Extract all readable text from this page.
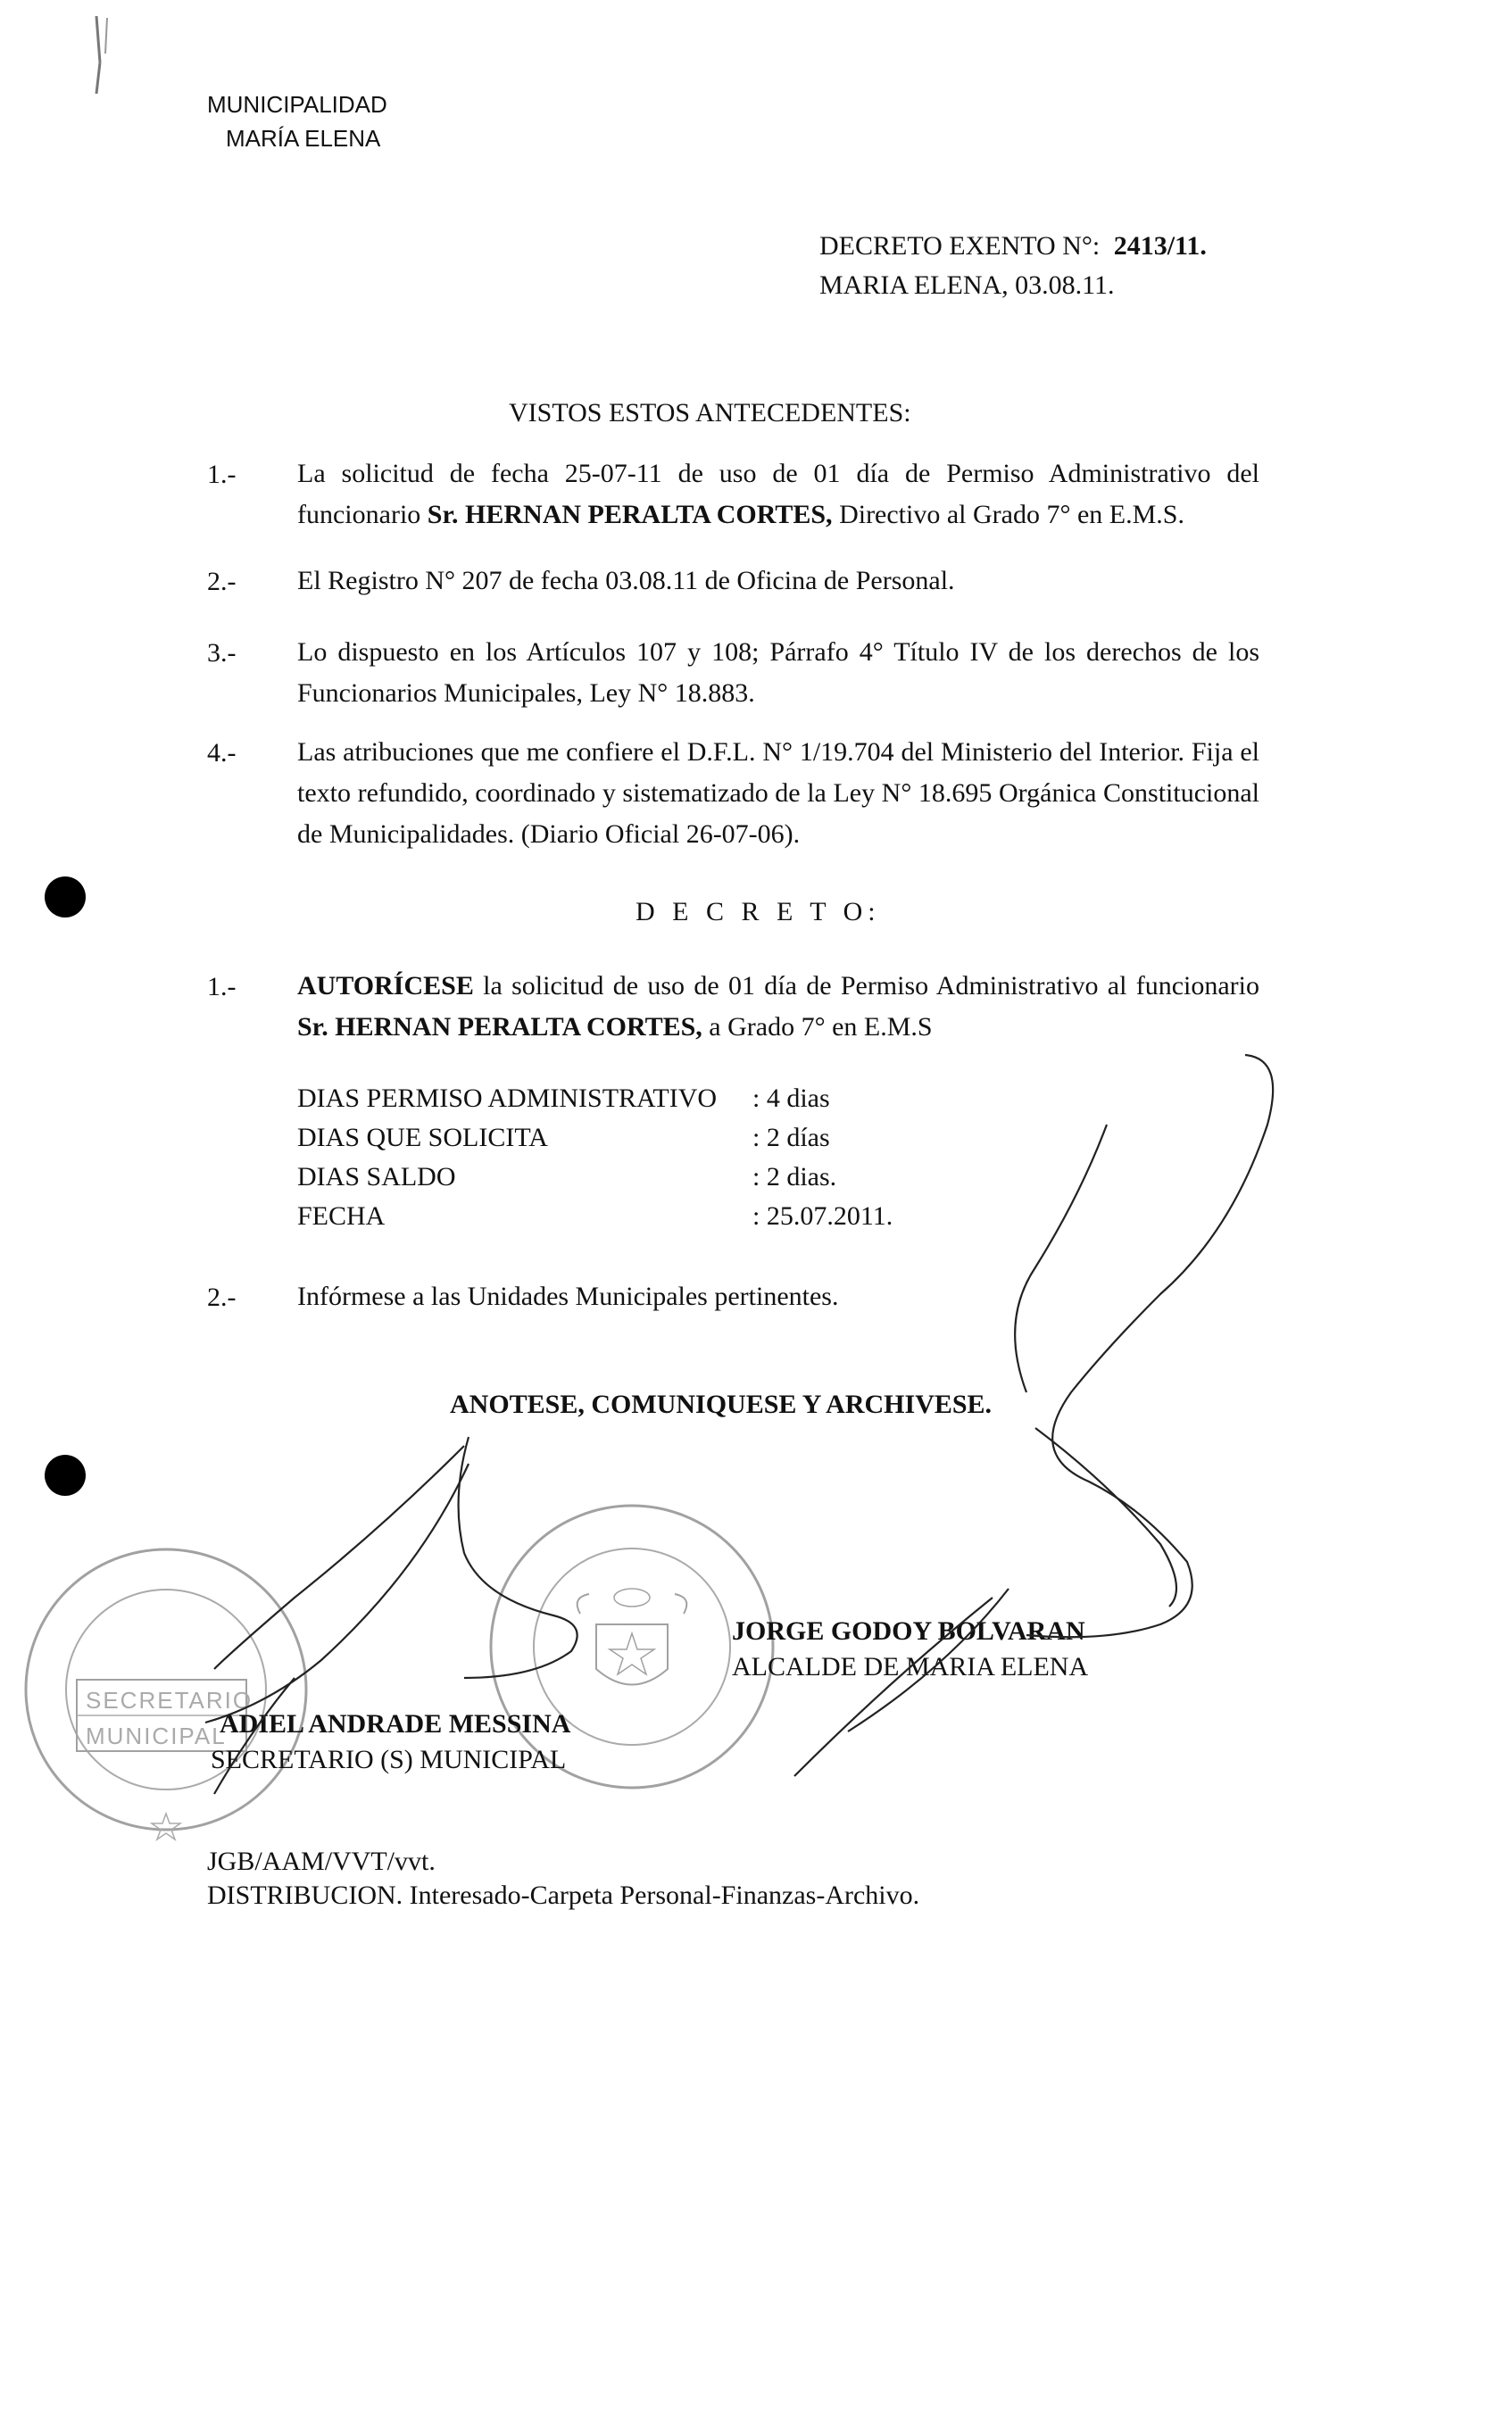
MUNICIPALIDAD
MARÍA ELENA
DECRETO EXENTO N°: 2413/11.
MARIA ELENA, 03.08.11.
VISTOS ESTOS ANTECEDENTES:
1.- La solicitud de fecha 25-07-11 de uso de 01 día de Permiso Administrativo del funcionario Sr. HERNAN PERALTA CORTES, Directivo al Grado 7° en E.M.S.
2.- El Registro N° 207 de fecha 03.08.11 de Oficina de Personal.
3.- Lo dispuesto en los Artículos 107 y 108; Párrafo 4° Título IV de los derechos de los Funcionarios Municipales, Ley N° 18.883.
4.- Las atribuciones que me confiere el D.F.L. N° 1/19.704 del Ministerio del Interior. Fija el texto refundido, coordinado y sistematizado de la Ley N° 18.695 Orgánica Constitucional de Municipalidades. (Diario Oficial 26-07-06).
D E C R E T O:
1.- AUTORÍCESE la solicitud de uso de 01 día de Permiso Administrativo al funcionario Sr. HERNAN PERALTA CORTES, a Grado 7° en E.M.S
DIAS PERMISO ADMINISTRATIVO	: 4 dias
DIAS QUE SOLICITA	: 2 días
DIAS SALDO	: 2 dias.
FECHA	: 25.07.2011.
2.- Infórmese a las Unidades Municipales pertinentes.
ANOTESE, COMUNIQUESE Y ARCHIVESE.
SECRETARIO
MUNICIPAL
JORGE GODOY BOLVARAN
ALCALDE DE MARIA ELENA
ADIEL ANDRADE MESSINA
SECRETARIO (S) MUNICIPAL
JGB/AAM/VVT/vvt.
DISTRIBUCION. Interesado-Carpeta Personal-Finanzas-Archivo.
